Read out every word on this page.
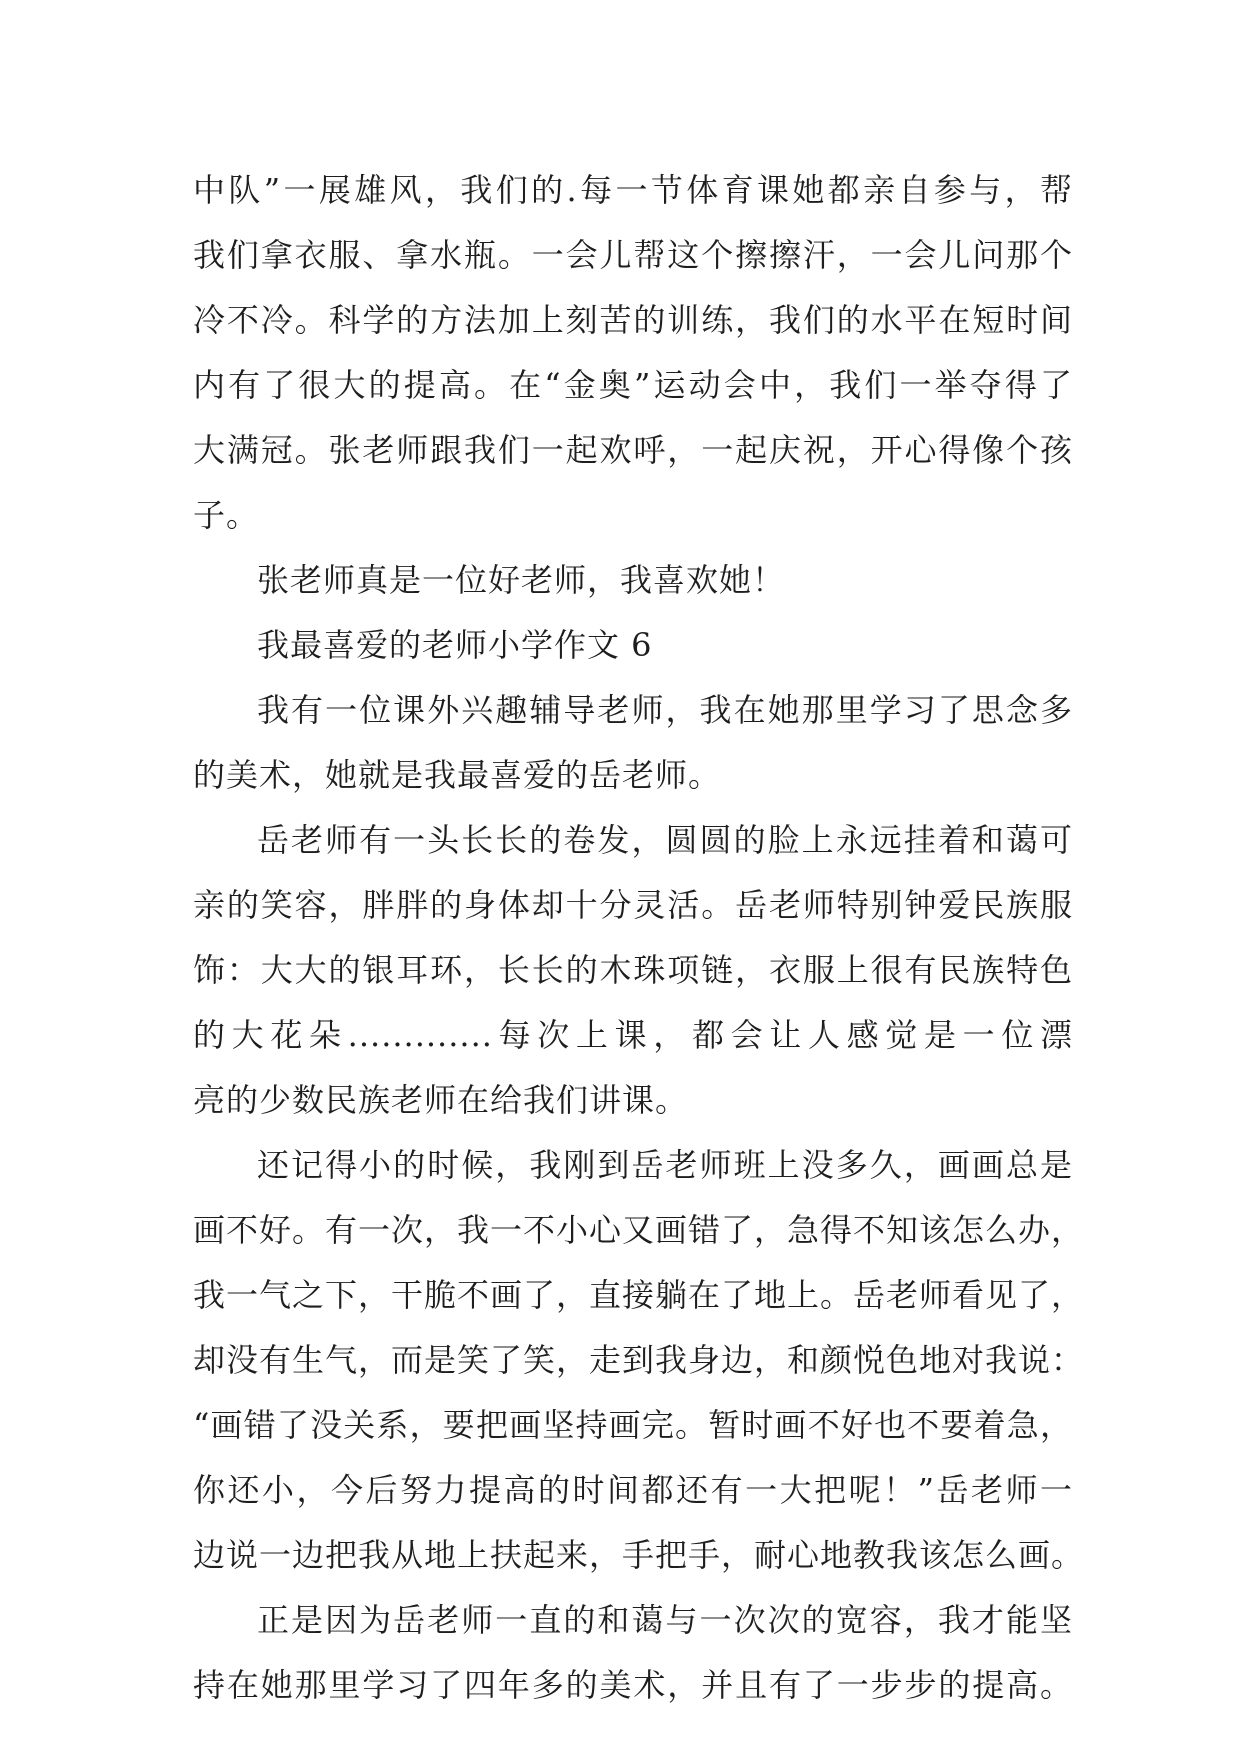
中队”一展雄风，我们的.每一节体育课她都亲自参与，帮
我们拿衣服、拿水瓶。一会儿帮这个擦擦汗，一会儿问那个
冷不冷。科学的方法加上刻苦的训练，我们的水平在短时间
内有了很大的提高。在“金奥”运动会中，我们一举夺得了
大满冠。张老师跟我们一起欢呼，一起庆祝，开心得像个孩
子。
张老师真是一位好老师，我喜欢她！
我最喜爱的老师小学作文 6
我有一位课外兴趣辅导老师，我在她那里学习了思念多
的美术，她就是我最喜爱的岳老师。
岳老师有一头长长的卷发，圆圆的脸上永远挂着和蔼可
亲的笑容，胖胖的身体却十分灵活。岳老师特别钟爱民族服
饰：大大的银耳环，长长的木珠项链，衣服上很有民族特色
的大花朵.............每次上课，都会让人感觉是一位漂
亮的少数民族老师在给我们讲课。
还记得小的时候，我刚到岳老师班上没多久，画画总是
画不好。有一次，我一不小心又画错了，急得不知该怎么办，
我一气之下，干脆不画了，直接躺在了地上。岳老师看见了，
却没有生气，而是笑了笑，走到我身边，和颜悦色地对我说：
“画错了没关系，要把画坚持画完。暂时画不好也不要着急，
你还小，今后努力提高的时间都还有一大把呢！”岳老师一
边说一边把我从地上扶起来，手把手，耐心地教我该怎么画。
正是因为岳老师一直的和蔼与一次次的宽容，我才能坚
持在她那里学习了四年多的美术，并且有了一步步的提高。
